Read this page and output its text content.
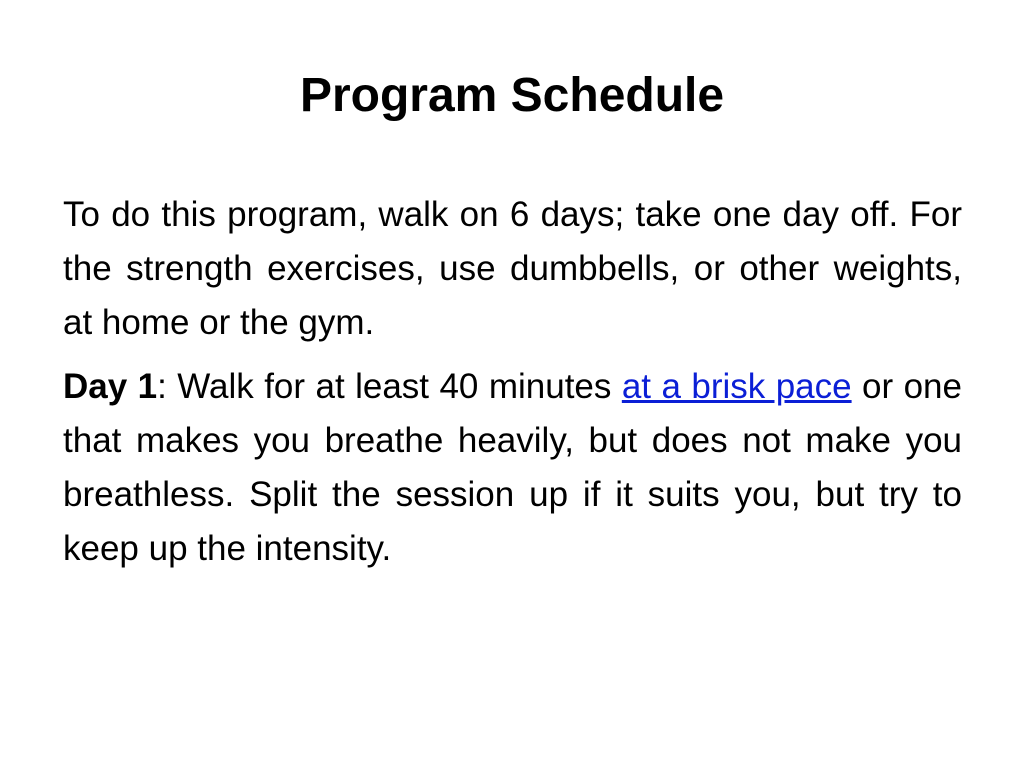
Program Schedule

To do this program, walk on 6 days; take one day off. For the strength exercises, use dumbbells, or other weights, at home or the gym.

Day 1: Walk for at least 40 minutes at a brisk pace or one that makes you breathe heavily, but does not make you breathless. Split the session up if it suits you, but try to keep up the intensity.
